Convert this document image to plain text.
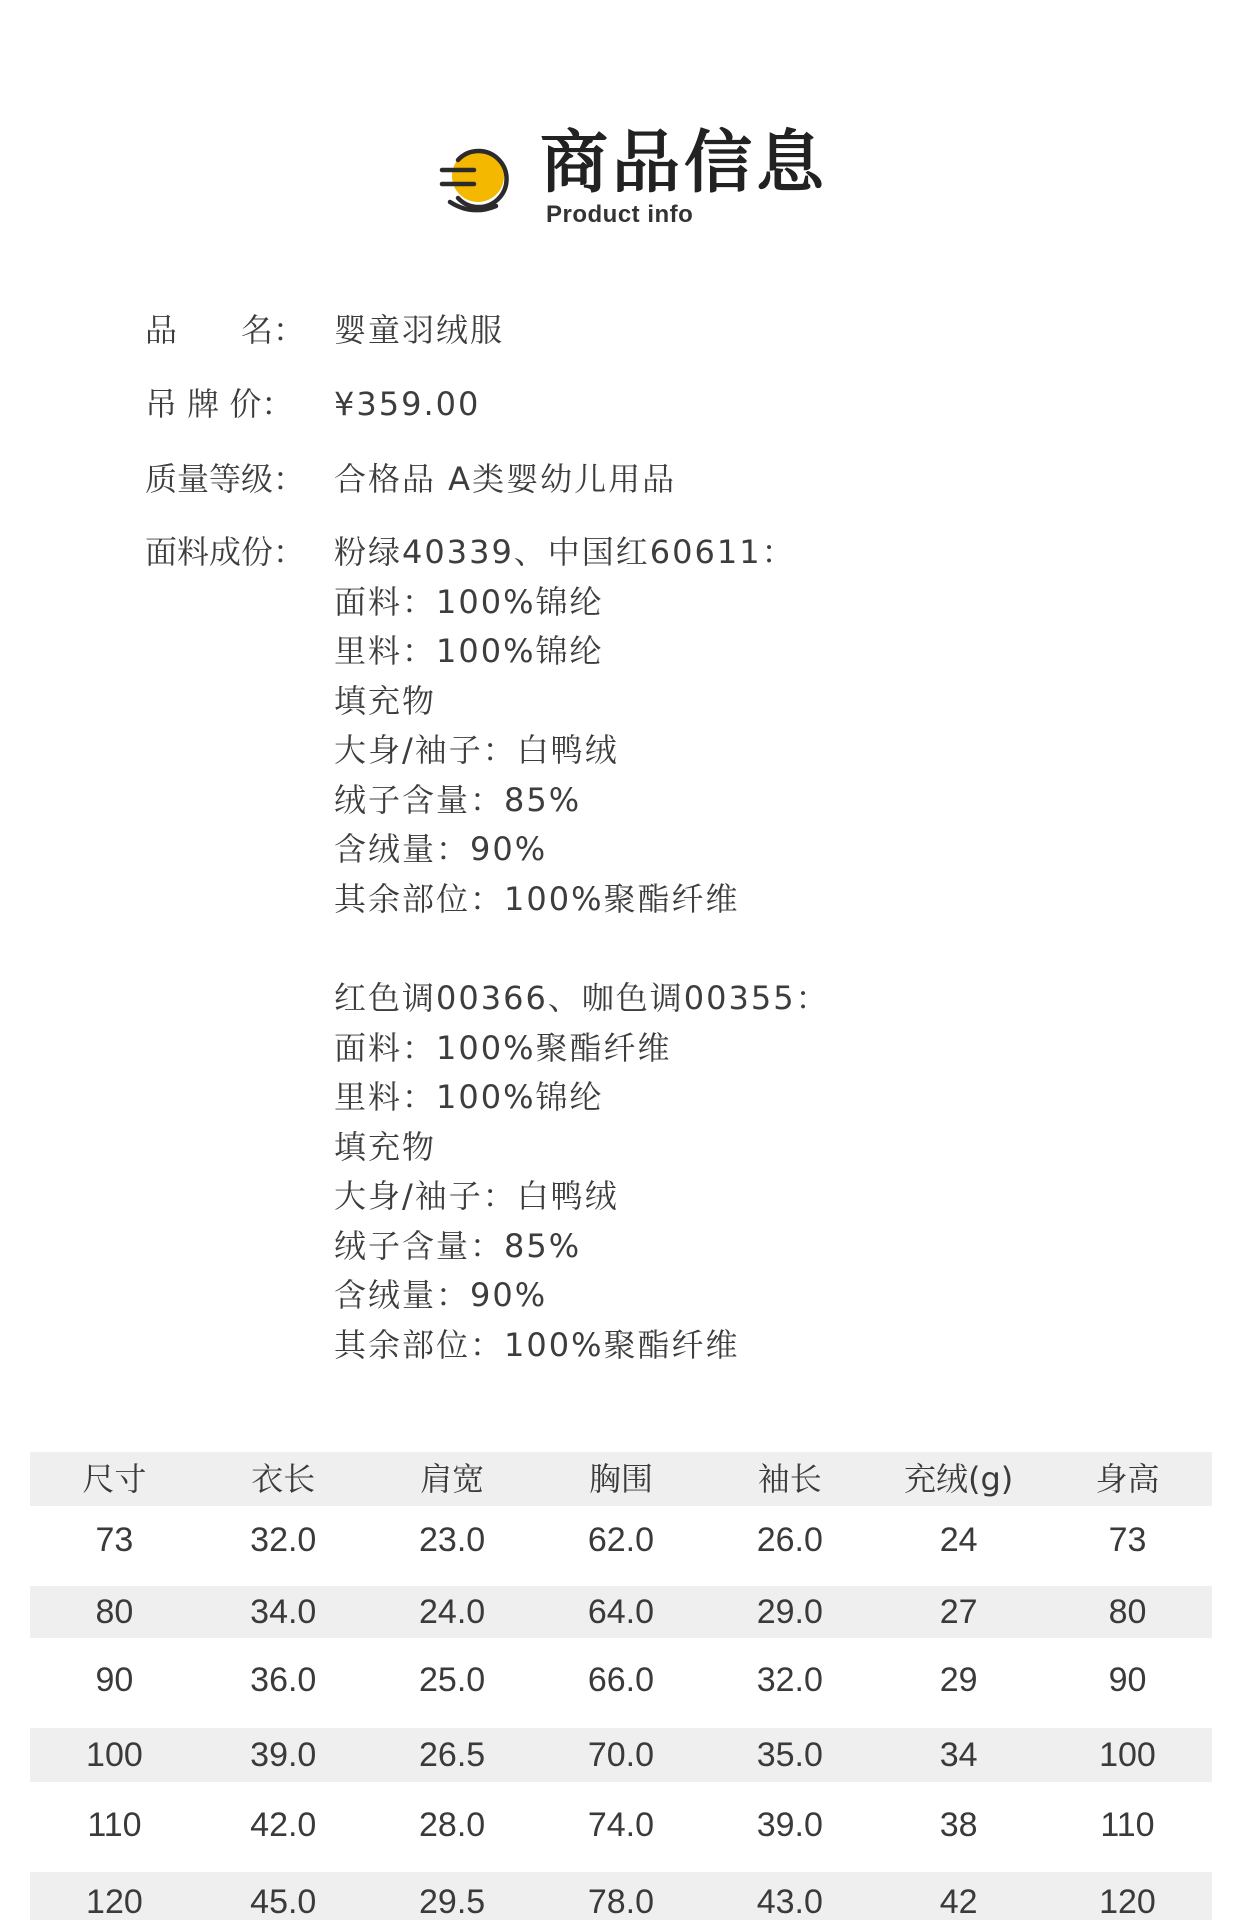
商品信息
Product info
品　　名： 婴童羽绒服
吊 牌 价： ¥359.00
质量等级： 合格品 A类婴幼儿用品
面料成份： 粉绿40339、中国红60611：
面料：100%锦纶
里料：100%锦纶
填充物
大身/袖子：白鸭绒
绒子含量：85%
含绒量：90%
其余部位：100%聚酯纤维
红色调00366、咖色调00355：
面料：100%聚酯纤维
里料：100%锦纶
填充物
大身/袖子：白鸭绒
绒子含量：85%
含绒量：90%
其余部位：100%聚酯纤维
尺寸	衣长	肩宽	胸围	袖长	充绒(g)	身高
73	32.0	23.0	62.0	26.0	24	73
80	34.0	24.0	64.0	29.0	27	80
90	36.0	25.0	66.0	32.0	29	90
100	39.0	26.5	70.0	35.0	34	100
110	42.0	28.0	74.0	39.0	38	110
120	45.0	29.5	78.0	43.0	42	120
